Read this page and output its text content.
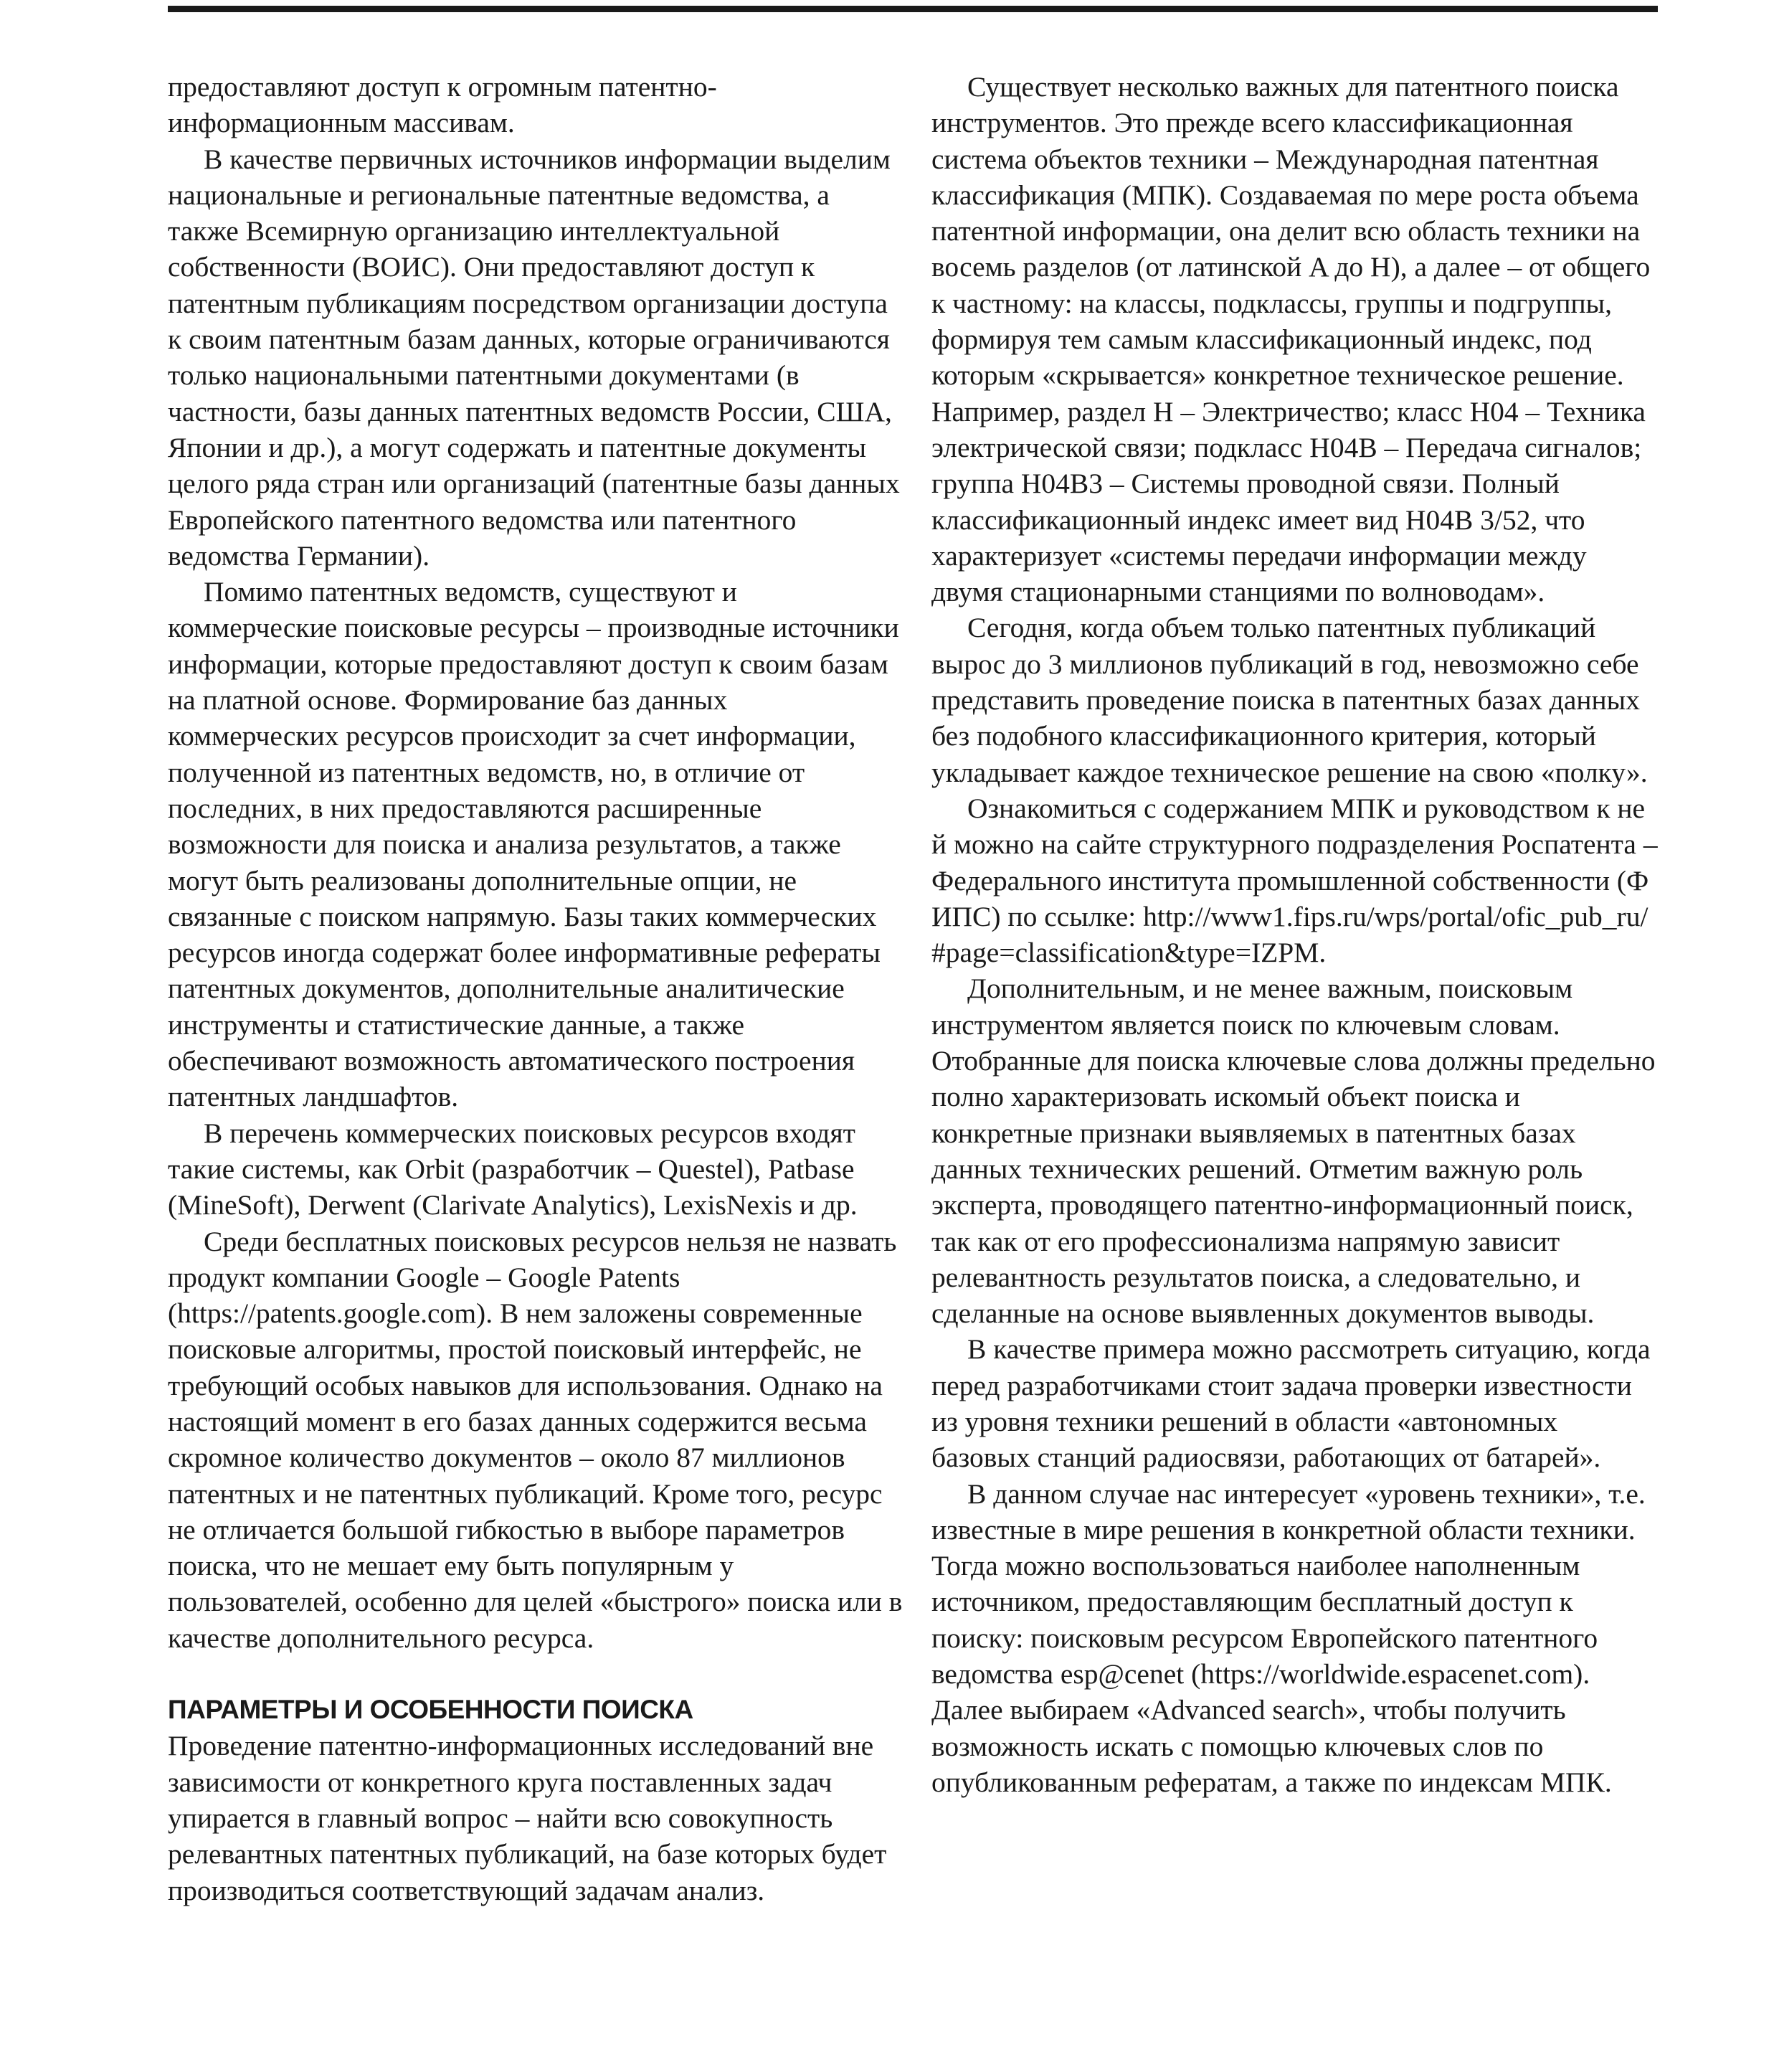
предоставляют доступ к огромным патентно-информационным массивам.

В качестве первичных источников информации выделим национальные и региональные патентные ведомства, а также Всемирную организацию интеллектуальной собственности (ВОИС). Они предоставляют доступ к патентным публикациям посредством организации доступа к своим патентным базам данных, которые ограничиваются только национальными патентными документами (в частности, базы данных патентных ведомств России, США, Японии и др.), а могут содержать и патентные документы целого ряда стран или организаций (патентные базы данных Европейского патентного ведомства или патентного ведомства Германии).

Помимо патентных ведомств, существуют и коммерческие поисковые ресурсы – производные источники информации, которые предоставляют доступ к своим базам на платной основе. Формирование баз данных коммерческих ресурсов происходит за счет информации, полученной из патентных ведомств, но, в отличие от последних, в них предоставляются расширенные возможности для поиска и анализа результатов, а также могут быть реализованы дополнительные опции, не связанные с поиском напрямую. Базы таких коммерческих ресурсов иногда содержат более информативные рефераты патентных документов, дополнительные аналитические инструменты и статистические данные, а также обеспечивают возможность автоматического построения патентных ландшафтов.

В перечень коммерческих поисковых ресурсов входят такие системы, как Orbit (разработчик – Questel), Patbase (MineSoft), Derwent (Clarivate Analytics), LexisNexis и др.

Среди бесплатных поисковых ресурсов нельзя не назвать продукт компании Google – Google Patents (https://patents.google.com). В нем заложены современные поисковые алгоритмы, простой поисковый интерфейс, не требующий особых навыков для использования. Однако на настоящий момент в его базах данных содержится весьма скромное количество документов – около 87 миллионов патентных и не патентных публикаций. Кроме того, ресурс не отличается большой гибкостью в выборе параметров поиска, что не мешает ему быть популярным у пользователей, особенно для целей «быстрого» поиска или в качестве дополнительного ресурса.

ПАРАМЕТРЫ И ОСОБЕННОСТИ ПОИСКА

Проведение патентно-информационных исследований вне зависимости от конкретного круга поставленных задач упирается в главный вопрос – найти всю совокупность релевантных патентных публикаций, на базе которых будет производиться соответствующий задачам анализ.

Существует несколько важных для патентного поиска инструментов. Это прежде всего классификационная система объектов техники – Международная патентная классификация (МПК). Создаваемая по мере роста объема патентной информации, она делит всю область техники на восемь разделов (от латинской A до H), а далее – от общего к частному: на классы, подклассы, группы и подгруппы, формируя тем самым классификационный индекс, под которым «скрывается» конкретное техническое решение. Например, раздел H – Электричество; класс H04 – Техника электрической связи; подкласс H04B – Передача сигналов; группа H04B3 – Системы проводной связи. Полный классификационный индекс имеет вид H04B 3/52, что характеризует «системы передачи информации между двумя стационарными станциями по волноводам».

Сегодня, когда объем только патентных публикаций вырос до 3 миллионов публикаций в год, невозможно себе представить проведение поиска в патентных базах данных без подобного классификационного критерия, который укладывает каждое техническое решение на свою «полку».

Ознакомиться с содержанием МПК и руководством к ней можно на сайте структурного подразделения Роспатента – Федерального института промышленной собственности (ФИПС) по ссылке: http://www1.fips.ru/wps/portal/ofic_pub_ru/#page=classification&type=IZPM.

Дополнительным, и не менее важным, поисковым инструментом является поиск по ключевым словам. Отобранные для поиска ключевые слова должны предельно полно характеризовать искомый объект поиска и конкретные признаки выявляемых в патентных базах данных технических решений. Отметим важную роль эксперта, проводящего патентно-информационный поиск, так как от его профессионализма напрямую зависит релевантность результатов поиска, а следовательно, и сделанные на основе выявленных документов выводы.

В качестве примера можно рассмотреть ситуацию, когда перед разработчиками стоит задача проверки известности из уровня техники решений в области «автономных базовых станций радиосвязи, работающих от батарей».

В данном случае нас интересует «уровень техники», т.е. известные в мире решения в конкретной области техники. Тогда можно воспользоваться наиболее наполненным источником, предоставляющим бесплатный доступ к поиску: поисковым ресурсом Европейского патентного ведомства esp@cenet (https://worldwide.espacenet.com). Далее выбираем «Advanced search», чтобы получить возможность искать с помощью ключевых слов по опубликованным рефератам, а также по индексам МПК.
